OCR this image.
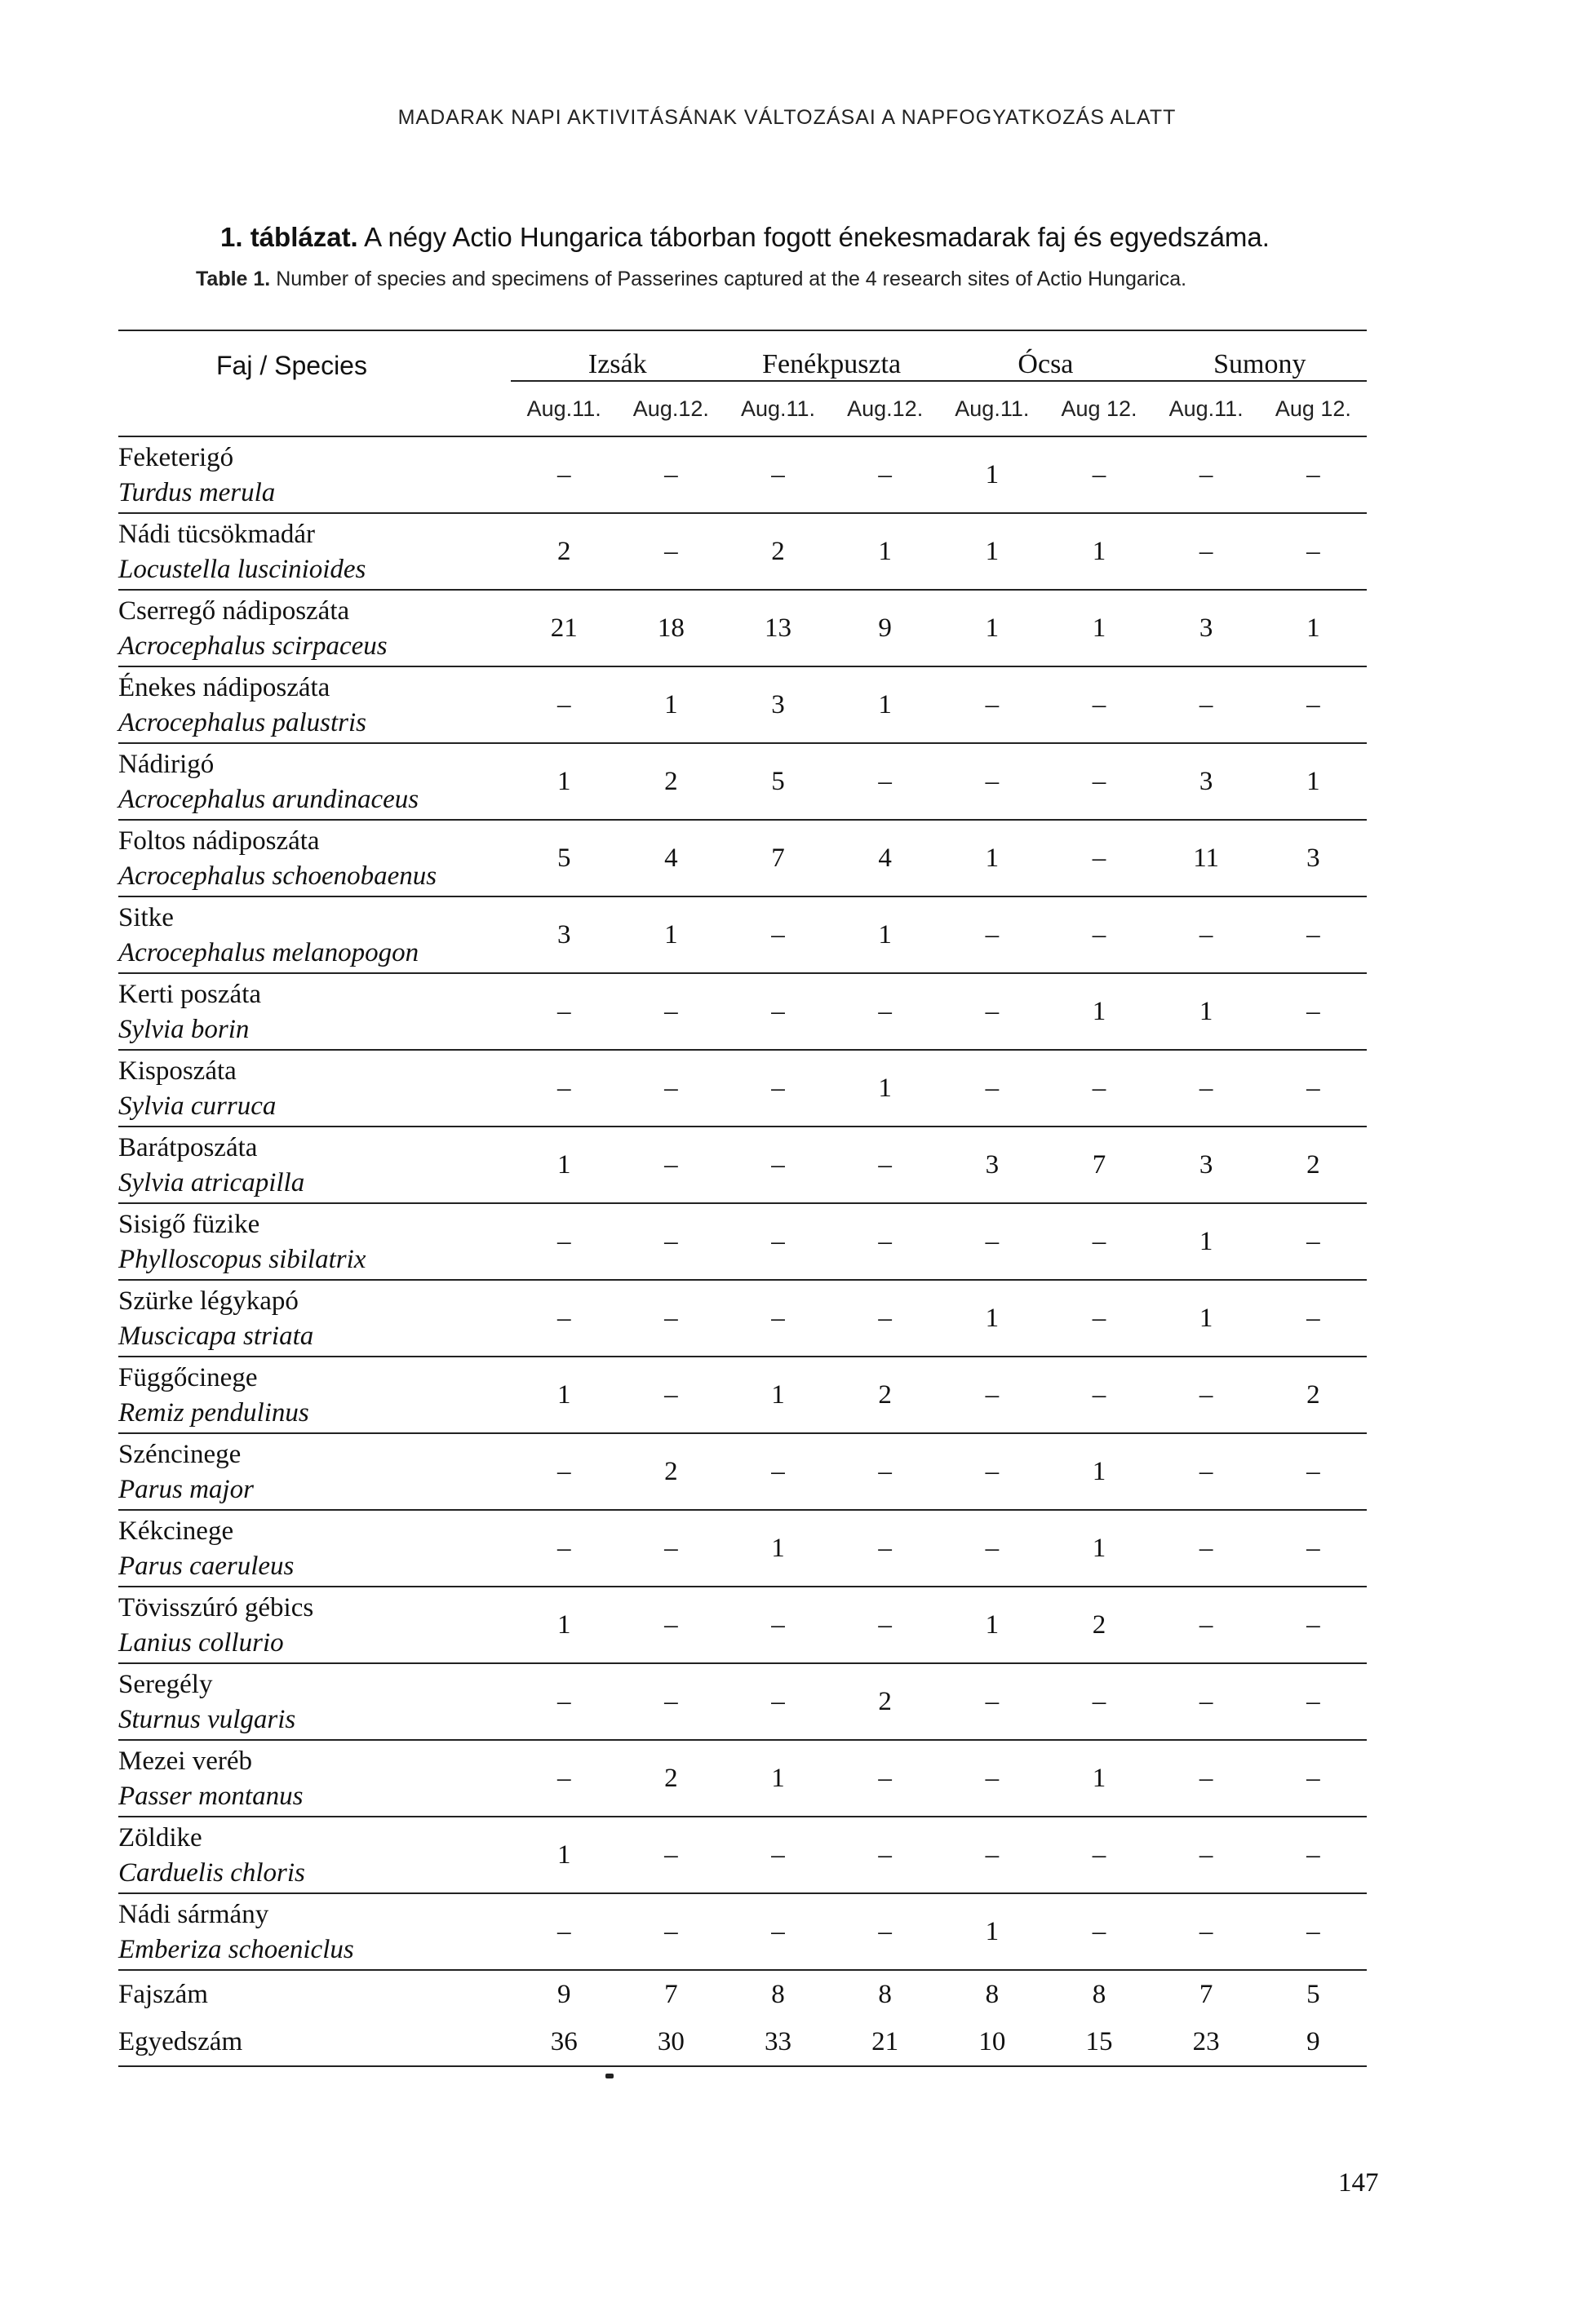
MADARAK NAPI AKTIVITÁSÁNAK VÁLTOZÁSAI A NAPFOGYATKOZÁS ALATT
1. táblázat. A négy Actio Hungarica táborban fogott énekesmadarak faj és egyedszáma.
Table 1. Number of species and specimens of Passerines captured at the 4 research sites of Actio Hungarica.
Faj / Species	Izsák		Fenékpuszta		Ócsa		Sumony	
	Aug.11.	Aug.12.	Aug.11.	Aug.12.	Aug.11.	Aug 12.	Aug.11.	Aug 12.

Feketerigó
Turdus merula	–	–	–	–	1	–	–	–

Nádi tücsökmadár
Locustella luscinioides	2	–	2	1	1	1	–	–

Cserregő nádiposzáta
Acrocephalus scirpaceus	21	18	13	9	1	1	3	1

Énekes nádiposzáta
Acrocephalus palustris	–	1	3	1	–	–	–	–

Nádirigó
Acrocephalus arundinaceus	1	2	5	–	–	–	3	1

Foltos nádiposzáta
Acrocephalus schoenobaenus	5	4	7	4	1	–	11	3

Sitke
Acrocephalus melanopogon	3	1	–	1	–	–	–	–

Kerti poszáta
Sylvia borin	–	–	–	–	–	1	1	–

Kisposzáta
Sylvia curruca	–	–	–	1	–	–	–	–

Barátposzáta
Sylvia atricapilla	1	–	–	–	3	7	3	2

Sisigő füzike
Phylloscopus sibilatrix	–	–	–	–	–	–	1	–

Szürke légykapó
Muscicapa striata	–	–	–	–	1	–	1	–

Függőcinege
Remiz pendulinus	1	–	1	2	–	–	–	2

Széncinege
Parus major	–	2	–	–	–	1	–	–

Kékcinege
Parus caeruleus	–	–	1	–	–	1	–	–

Tövisszúró gébics
Lanius collurio	1	–	–	–	1	2	–	–

Seregély
Sturnus vulgaris	–	–	–	2	–	–	–	–

Mezei veréb
Passer montanus	–	2	1	–	–	1	–	–

Zöldike
Carduelis chloris	1	–	–	–	–	–	–	–

Nádi sármány
Emberiza schoeniclus	–	–	–	–	1	–	–	–
Fajszám	9	7	8	8	8	8	7	5
Egyedszám	36	30	33	21	10	15	23	9
147
